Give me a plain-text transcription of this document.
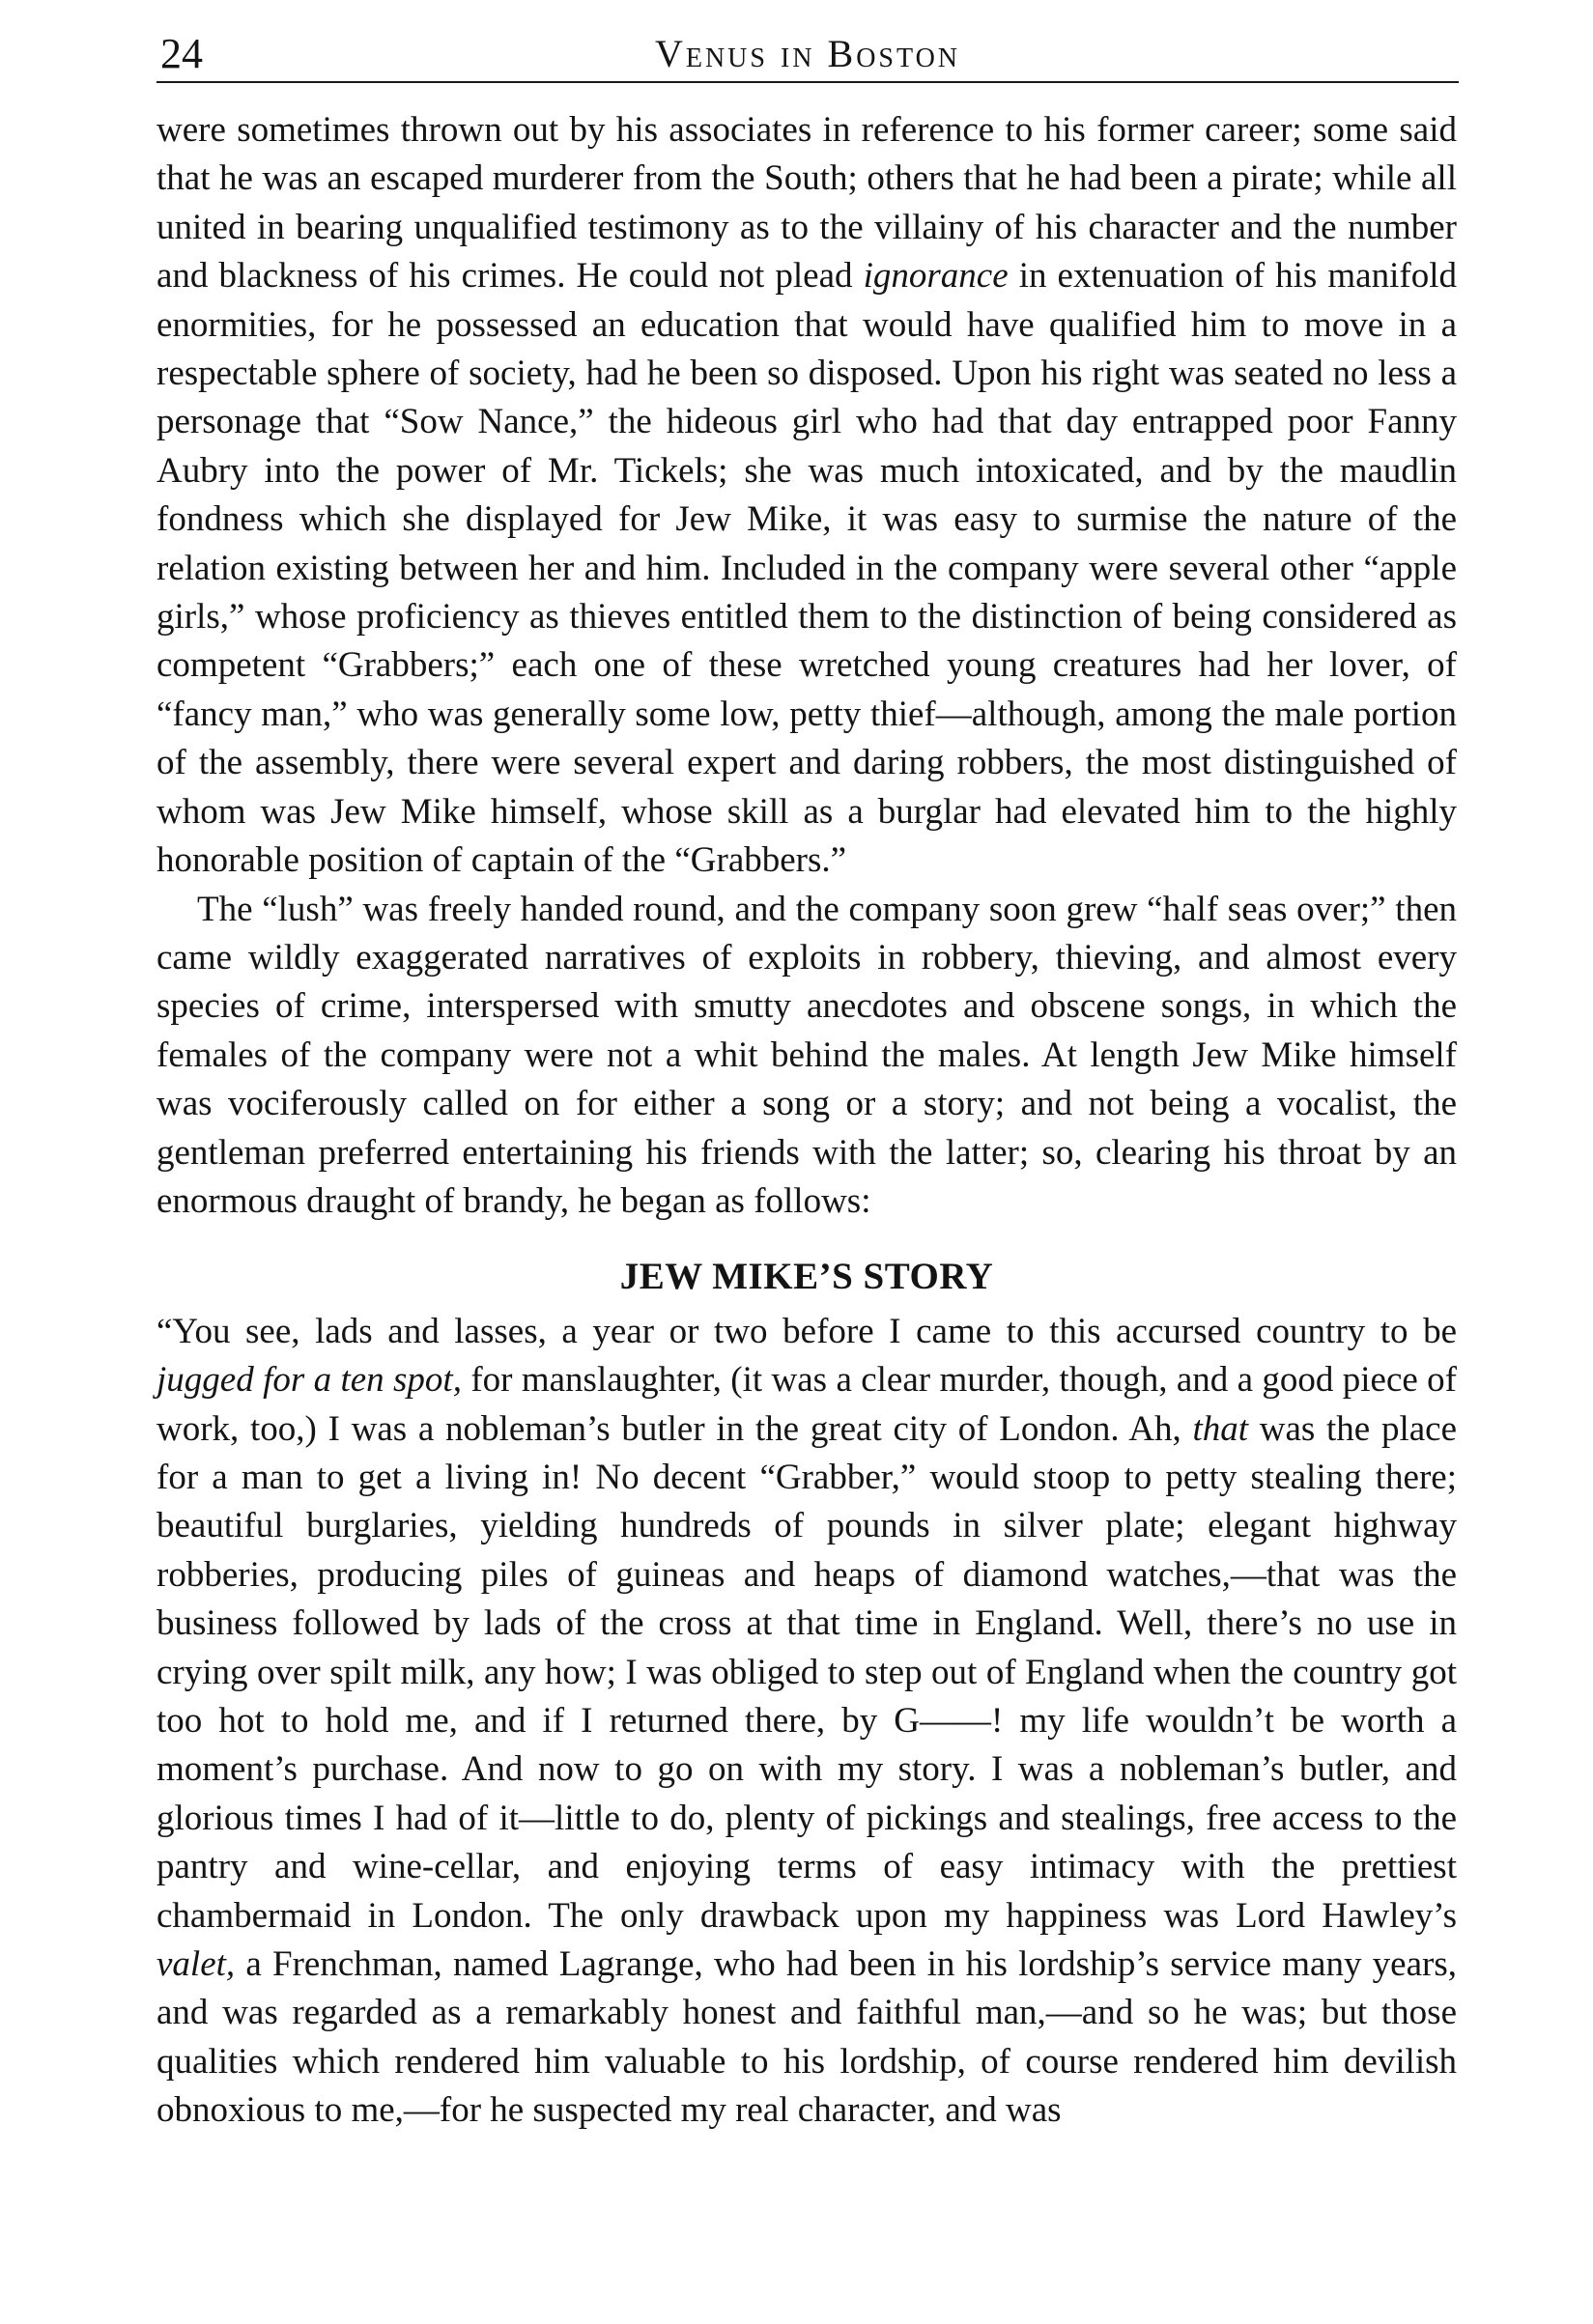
24	Venus in Boston

were sometimes thrown out by his associates in reference to his former career; some said that he was an escaped murderer from the South; others that he had been a pirate; while all united in bearing unqualified testimony as to the villainy of his character and the number and blackness of his crimes. He could not plead ignorance in extenuation of his manifold enormities, for he possessed an education that would have qualified him to move in a respectable sphere of society, had he been so disposed. Upon his right was seated no less a personage that “Sow Nance,” the hideous girl who had that day entrapped poor Fanny Aubry into the power of Mr. Tickels; she was much intoxicated, and by the maudlin fondness which she displayed for Jew Mike, it was easy to surmise the nature of the relation existing between her and him. Included in the company were several other “apple girls,” whose proficiency as thieves entitled them to the distinction of being considered as competent “Grabbers;” each one of these wretched young creatures had her lover, of “fancy man,” who was generally some low, petty thief—although, among the male portion of the assembly, there were several expert and daring robbers, the most distinguished of whom was Jew Mike himself, whose skill as a burglar had elevated him to the highly honorable position of captain of the “Grabbers.”

The “lush” was freely handed round, and the company soon grew “half seas over;” then came wildly exaggerated narratives of exploits in robbery, thieving, and almost every species of crime, interspersed with smutty anecdotes and obscene songs, in which the females of the company were not a whit behind the males. At length Jew Mike himself was vociferously called on for either a song or a story; and not being a vocalist, the gentleman preferred entertaining his friends with the latter; so, clearing his throat by an enormous draught of brandy, he began as follows:

JEW MIKE’S STORY

“You see, lads and lasses, a year or two before I came to this accursed country to be jugged for a ten spot, for manslaughter, (it was a clear murder, though, and a good piece of work, too,) I was a nobleman’s butler in the great city of London. Ah, that was the place for a man to get a living in! No decent “Grabber,” would stoop to petty stealing there; beautiful burglaries, yielding hundreds of pounds in silver plate; elegant highway robberies, producing piles of guineas and heaps of diamond watches,—that was the business followed by lads of the cross at that time in England. Well, there’s no use in crying over spilt milk, any how; I was obliged to step out of England when the country got too hot to hold me, and if I returned there, by G——! my life wouldn’t be worth a moment’s purchase. And now to go on with my story. I was a nobleman’s butler, and glorious times I had of it—little to do, plenty of pickings and stealings, free access to the pantry and wine-cellar, and enjoying terms of easy intimacy with the prettiest chambermaid in London. The only drawback upon my happiness was Lord Hawley’s valet, a Frenchman, named Lagrange, who had been in his lordship’s service many years, and was regarded as a remarkably honest and faithful man,—and so he was; but those qualities which rendered him valuable to his lordship, of course rendered him devilish obnoxious to me,—for he suspected my real character, and was
